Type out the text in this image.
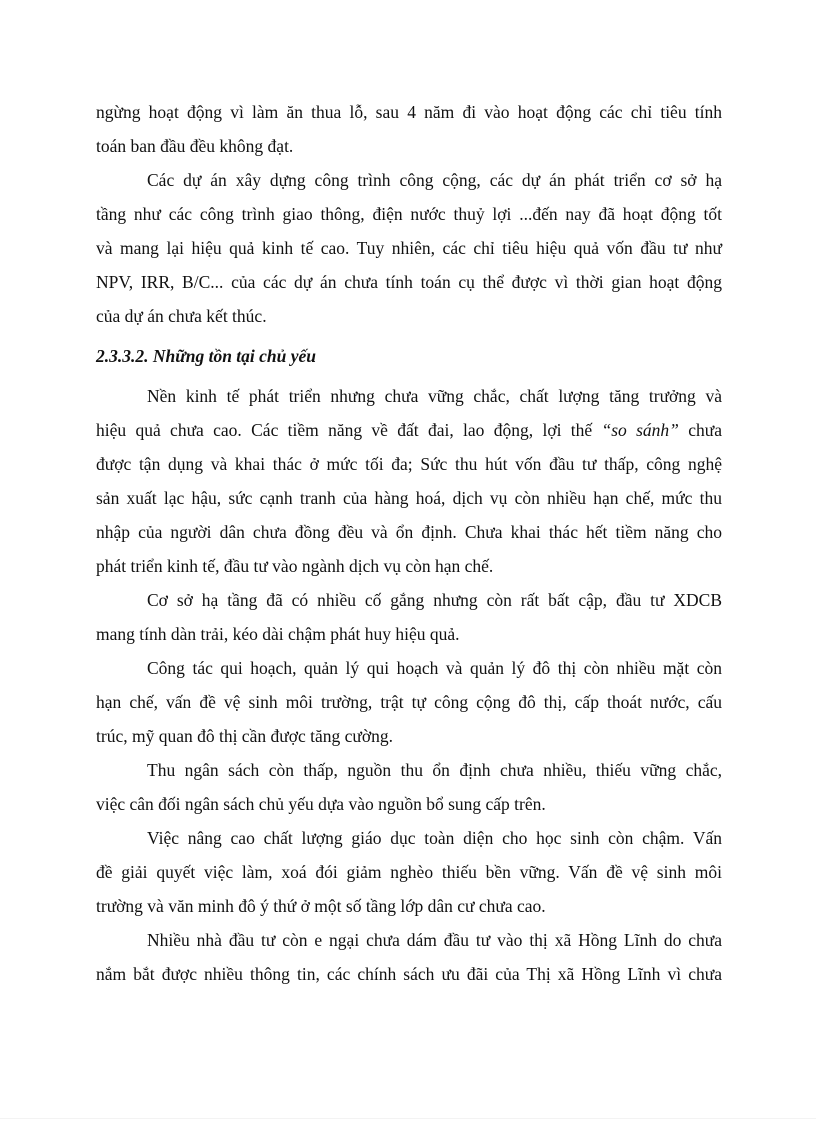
ngừng hoạt động vì làm ăn thua lỗ, sau 4 năm đi vào hoạt động các chỉ tiêu tính
toán ban đầu đều không đạt.

Các dự án xây dựng công trình công cộng, các dự án phát triển cơ sở hạ
tầng như các công trình giao thông, điện nước thuỷ lợi ...đến nay đã hoạt động tốt
và mang lại hiệu quả kinh tế cao. Tuy nhiên, các chỉ tiêu hiệu quả vốn đầu tư như
NPV, IRR, B/C... của các dự án chưa tính toán cụ thể được vì thời gian hoạt động
của dự án chưa kết thúc.

2.3.3.2. Những tồn tại chủ yếu

Nền kinh tế phát triển nhưng chưa vững chắc, chất lượng tăng trưởng và
hiệu quả chưa cao. Các tiềm năng về đất đai, lao động, lợi thế “so sánh” chưa
được tận dụng và khai thác ở mức tối đa; Sức thu hút vốn đầu tư thấp, công nghệ
sản xuất lạc hậu, sức cạnh tranh của hàng hoá, dịch vụ còn nhiều hạn chế, mức thu
nhập của người dân chưa đồng đều và ổn định. Chưa khai thác hết tiềm năng cho
phát triển kinh tế, đầu tư vào ngành dịch vụ còn hạn chế.

Cơ sở hạ tầng đã có nhiều cố gắng nhưng còn rất bất cập, đầu tư XDCB
mang tính dàn trải, kéo dài chậm phát huy hiệu quả.

Công tác qui hoạch, quản lý qui hoạch và quản lý đô thị còn nhiều mặt còn
hạn chế, vấn đề vệ sinh môi trường, trật tự công cộng đô thị, cấp thoát nước, cấu
trúc, mỹ quan đô thị cần được tăng cường.

Thu ngân sách còn thấp, nguồn thu ổn định chưa nhiều, thiếu vững chắc,
việc cân đối ngân sách chủ yếu dựa vào nguồn bổ sung cấp trên.

Việc nâng cao chất lượng giáo dục toàn diện cho học sinh còn chậm. Vấn
đề giải quyết việc làm, xoá đói giảm nghèo thiếu bền vững. Vấn đề vệ sinh môi
trường và văn minh đô ý thứ ở một số tầng lớp dân cư chưa cao.

Nhiều nhà đầu tư còn e ngại chưa dám đầu tư vào thị xã Hồng Lĩnh do chưa
nắm bắt được nhiều thông tin, các chính sách ưu đãi của Thị xã Hồng Lĩnh vì chưa
